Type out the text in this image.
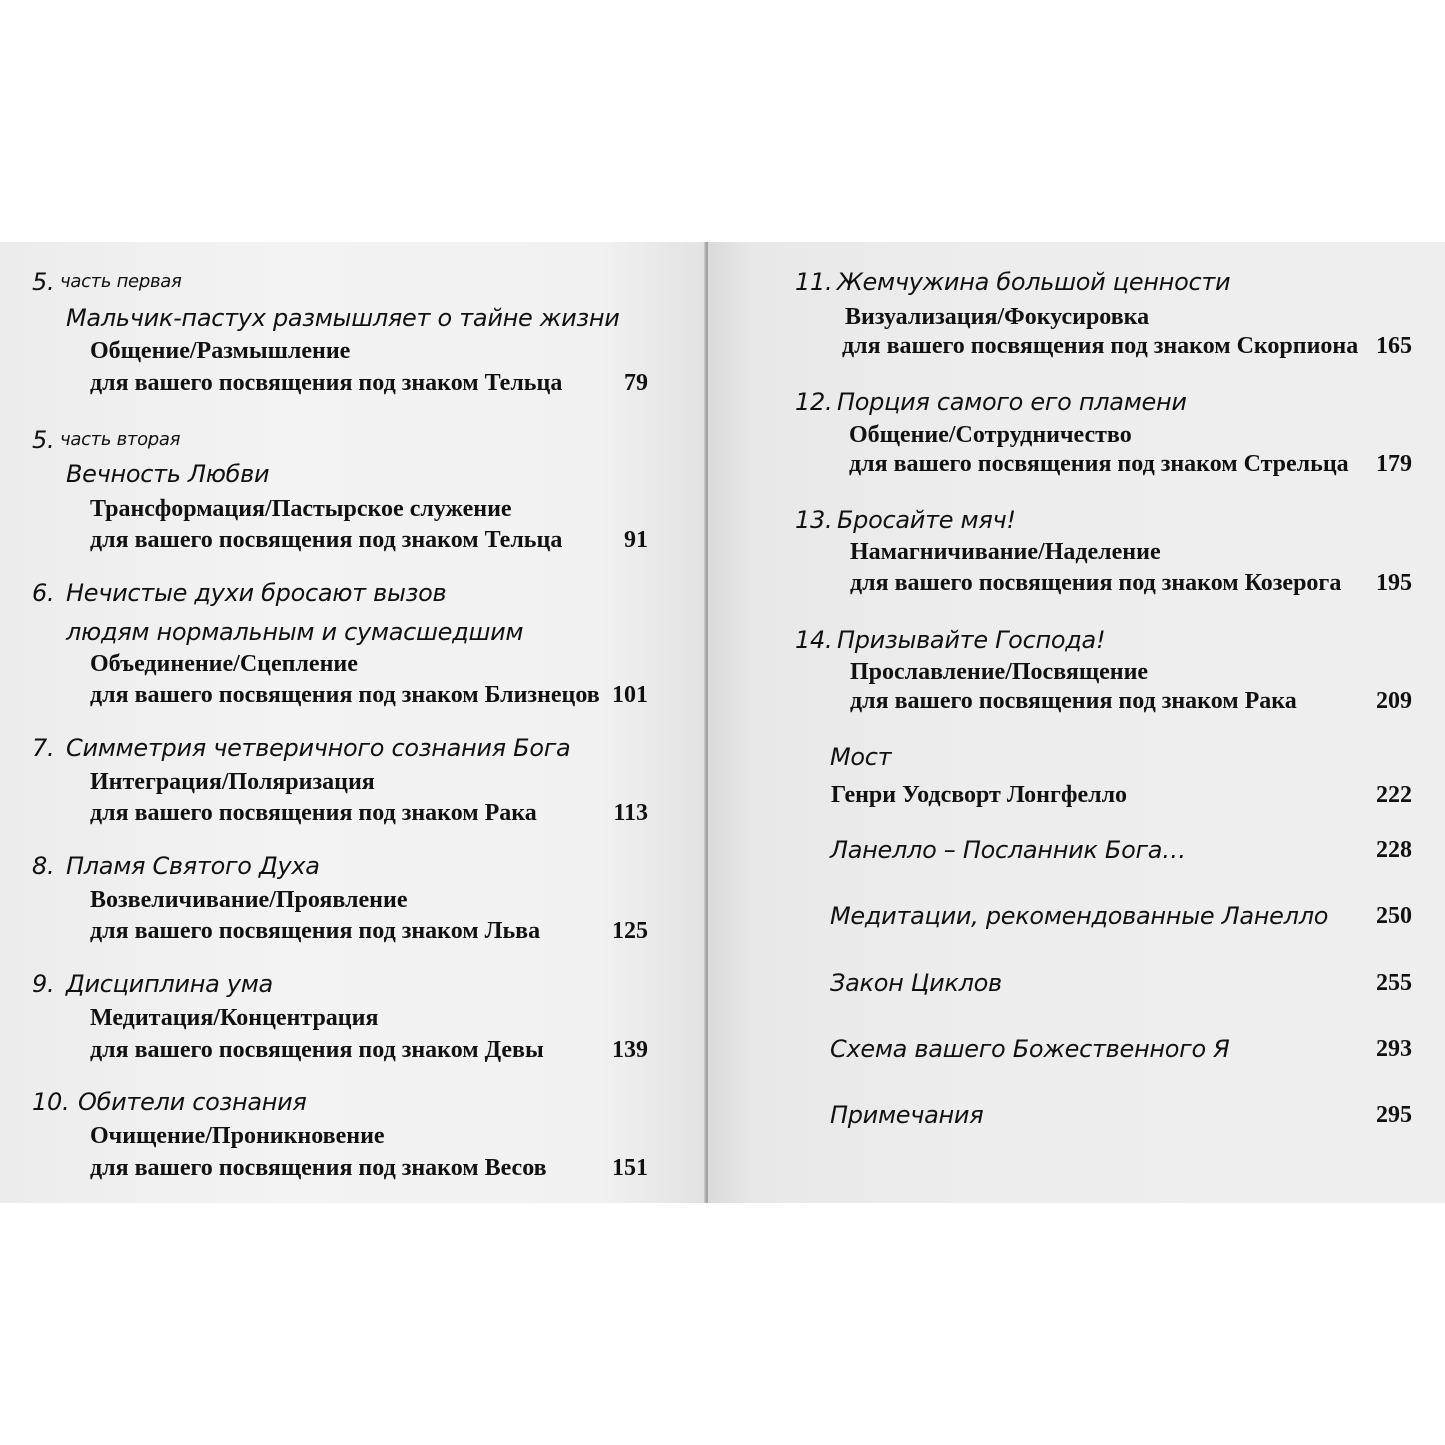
5. часть первая
Мальчик-пастух размышляет о тайне жизни
Общение/Размышление
для вашего посвящения под знаком Тельца	79
5. часть вторая
Вечность Любви
Трансформация/Пастырское служение
для вашего посвящения под знаком Тельца	91
6. Нечистые духи бросают вызов
людям нормальным и сумасшедшим
Объединение/Сцепление
для вашего посвящения под знаком Близнецов 101
7. Симметрия четверичного сознания Бога
Интеграция/Поляризация
для вашего посвящения под знаком Рака	113
8. Пламя Святого Духа
Возвеличивание/Проявление
для вашего посвящения под знаком Льва	125
9. Дисциплина ума
Медитация/Концентрация
для вашего посвящения под знаком Девы	139
10. Обители сознания
Очищение/Проникновение
для вашего посвящения под знаком Весов	151
11. Жемчужина большой ценности
Визуализация/Фокусировка
для вашего посвящения под знаком Скорпиона 165
12. Порция самого его пламени
Общение/Сотрудничество
для вашего посвящения под знаком Стрельца	179
13. Бросайте мяч!
Намагничивание/Наделение
для вашего посвящения под знаком Козерога	195
14. Призывайте Господа!
Прославление/Посвящение
для вашего посвящения под знаком Рака	209
Мост
Генри Уодсворт Лонгфелло	222
Ланелло – Посланник Бога…	228
Медитации, рекомендованные Ланелло	250
Закон Циклов	255
Схема вашего Божественного Я	293
Примечания	295
